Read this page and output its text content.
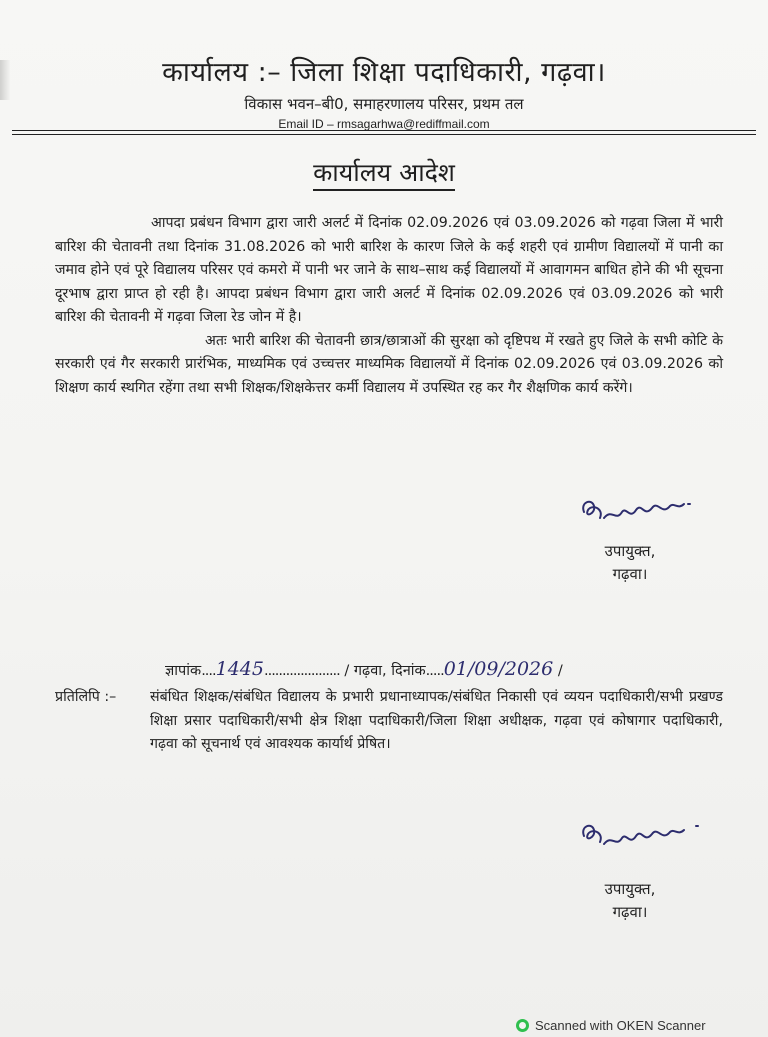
कार्यालय :– जिला शिक्षा पदाधिकारी, गढ़वा।
विकास भवन–बी0, समाहरणालय परिसर, प्रथम तल
Email ID – rmsagarhwa@rediffmail.com
कार्यालय आदेश

आपदा प्रबंधन विभाग द्वारा जारी अलर्ट में दिनांक 02.09.2026 एवं 03.09.2026 को गढ़वा जिला में भारी बारिश की चेतावनी तथा दिनांक 31.08.2026 को भारी बारिश के कारण जिले के कई शहरी एवं ग्रामीण विद्यालयों में पानी का जमाव होने एवं पूरे विद्यालय परिसर एवं कमरो में पानी भर जाने के साथ–साथ कई विद्यालयों में आवागमन बाधित होने की भी सूचना दूरभाष द्वारा प्राप्त हो रही है। आपदा प्रबंधन विभाग द्वारा जारी अलर्ट में दिनांक 02.09.2026 एवं 03.09.2026 को भारी बारिश की चेतावनी में गढ़वा जिला रेड जोन में है।

अतः भारी बारिश की चेतावनी छात्र/छात्राओं की सुरक्षा को दृष्टिपथ में रखते हुए जिले के सभी कोटि के सरकारी एवं गैर सरकारी प्रारंभिक, माध्यमिक एवं उच्चत्तर माध्यमिक विद्यालयों में दिनांक 02.09.2026 एवं 03.09.2026 को शिक्षण कार्य स्थगित रहेंगा तथा सभी शिक्षक/शिक्षकेत्तर कर्मी विद्यालय में उपस्थित रह कर गैर शैक्षणिक कार्य करेंगे।

उपायुक्त,
गढ़वा।
ज्ञापांक....1445..................... / गढ़वा, दिनांक.....01/09/2026 /
प्रतिलिपि :– संबंधित शिक्षक/संबंधित विद्यालय के प्रभारी प्रधानाध्यापक/संबंधित निकासी एवं व्ययन पदाधिकारी/सभी प्रखण्ड शिक्षा प्रसार पदाधिकारी/सभी क्षेत्र शिक्षा पदाधिकारी/जिला शिक्षा अधीक्षक, गढ़वा एवं कोषागार पदाधिकारी, गढ़वा को सूचनार्थ एवं आवश्यक कार्यार्थ प्रेषित।
उपायुक्त,
गढ़वा।
Scanned with OKEN Scanner
